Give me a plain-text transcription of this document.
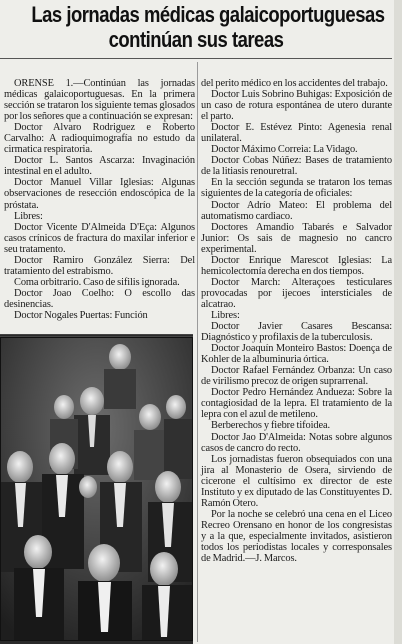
Las jornadas médicas galaicoportuguesas
continúan sus tareas

ORENSE 1.—Continúan las jornadas médicas galaicoportuguesas. En la primera sección se trataron los siguiente temas glosados por los señores que a continuación se expresan:

Doctor Alvaro Rodriguez e Roberto Carvalho: A radioquimografía no estudo da cirmatica respiratoria.

Doctor L. Santos Ascarza: Invaginación intestinal en el adulto.

Doctor Manuel Villar Iglesias: Algunas observaciones de resección endoscópica de la próstata.

Libres:

Doctor Vicente D'Almeida D'Eça: Algunos casos crínicos de fractura do maxilar inferior e seu tratamento.

Doctor Ramiro González Sierra: Del tratamiento del estrabismo.

Coma orbitrario. Caso de sifilis ignorada.

Doctor Joao Coelho: O escollo das desinencias.

Doctor Nogales Puertas: Función

del perito médico en los accidentes del trabajo.

Doctor Luis Sobrino Buhigas: Exposición de un caso de rotura espontánea de utero durante el parto.

Doctor E. Estévez Pinto: Agenesia renal unilateral.

Doctor Máximo Correia: La Vidago.

Doctor Cobas Núñez: Bases de tratamiento de la litiasis renouretral.

En la sección segunda se trataron los temas siguientes de la categoría de oficiales:

Doctor Adrío Mateo: El problema del automatismo cardiaco.

Doctores Amandio Tabarés e Salvador Junior: Os sais de magnesio no cancro experimental.

Doctor Enrique Marescot Iglesias: La hemicolectomía derecha en dos tiempos.

Doctor March: Alteraçoes testiculares provocadas por ijecoes intersticiales de alcatrao.

Libres:

Doctor Javier Casares Bescansa: Diagnóstico y profilaxis de la tuberculosis.

Doctor Joaquín Monteiro Bastos: Doença de Kohler de la albuminuria órtica.

Doctor Rafael Fernández Orbanza: Un caso de virilismo precoz de origen suprarrenal.

Doctor Pedro Hernández Andueza: Sobre la contagiosidad de la lepra. El tratamiento de la lepra con el azul de metileno.

Berberechos y fiebre tifoidea.

Doctor Jao D'Almeida: Notas sobre algunos casos de cancro do recto.

Los jornadistas fueron obsequiados con una jira al Monasterio de Osera, sirviendo de cicerone el cultísimo ex director de este Instituto y ex diputado de las Constituyentes D. Ramón Otero.

Por la noche se celebró una cena en el Liceo Recreo Orensano en honor de los congresistas y a la que, especialmente invitados, asistieron todos los periodistas locales y corresponsales de Madrid.—J. Marcos.
